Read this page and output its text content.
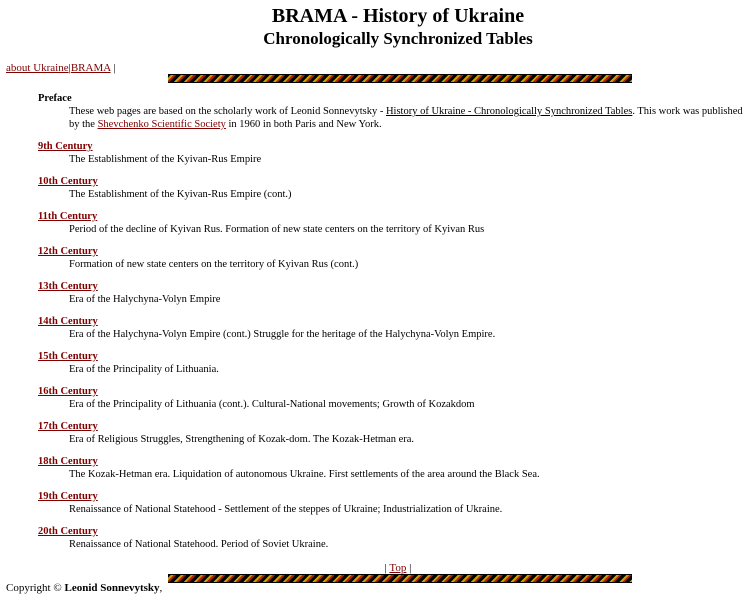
BRAMA - History of Ukraine
Chronologically Synchronized Tables
about Ukraine|BRAMA |
Preface
These web pages are based on the scholarly work of Leonid Sonnevytsky - History of Ukraine - Chronologically Synchronized Tables. This work was published by the Shevchenko Scientific Society in 1960 in both Paris and New York.
9th Century
The Establishment of the Kyivan-Rus Empire
10th Century
The Establishment of the Kyivan-Rus Empire (cont.)
11th Century
Period of the decline of Kyivan Rus. Formation of new state centers on the territory of Kyivan Rus
12th Century
Formation of new state centers on the territory of Kyivan Rus (cont.)
13th Century
Era of the Halychyna-Volyn Empire
14th Century
Era of the Halychyna-Volyn Empire (cont.) Struggle for the heritage of the Halychyna-Volyn Empire.
15th Century
Era of the Principality of Lithuania.
16th Century
Era of the Principality of Lithuania (cont.). Cultural-National movements; Growth of Kozakdom
17th Century
Era of Religious Struggles, Strengthening of Kozak-dom. The Kozak-Hetman era.
18th Century
The Kozak-Hetman era. Liquidation of autonomous Ukraine. First settlements of the area around the Black Sea.
19th Century
Renaissance of National Statehood - Settlement of the steppes of Ukraine; Industrialization of Ukraine.
20th Century
Renaissance of National Statehood. Period of Soviet Ukraine.
| Top |
Copyright © Leonid Sonnevytsky,
